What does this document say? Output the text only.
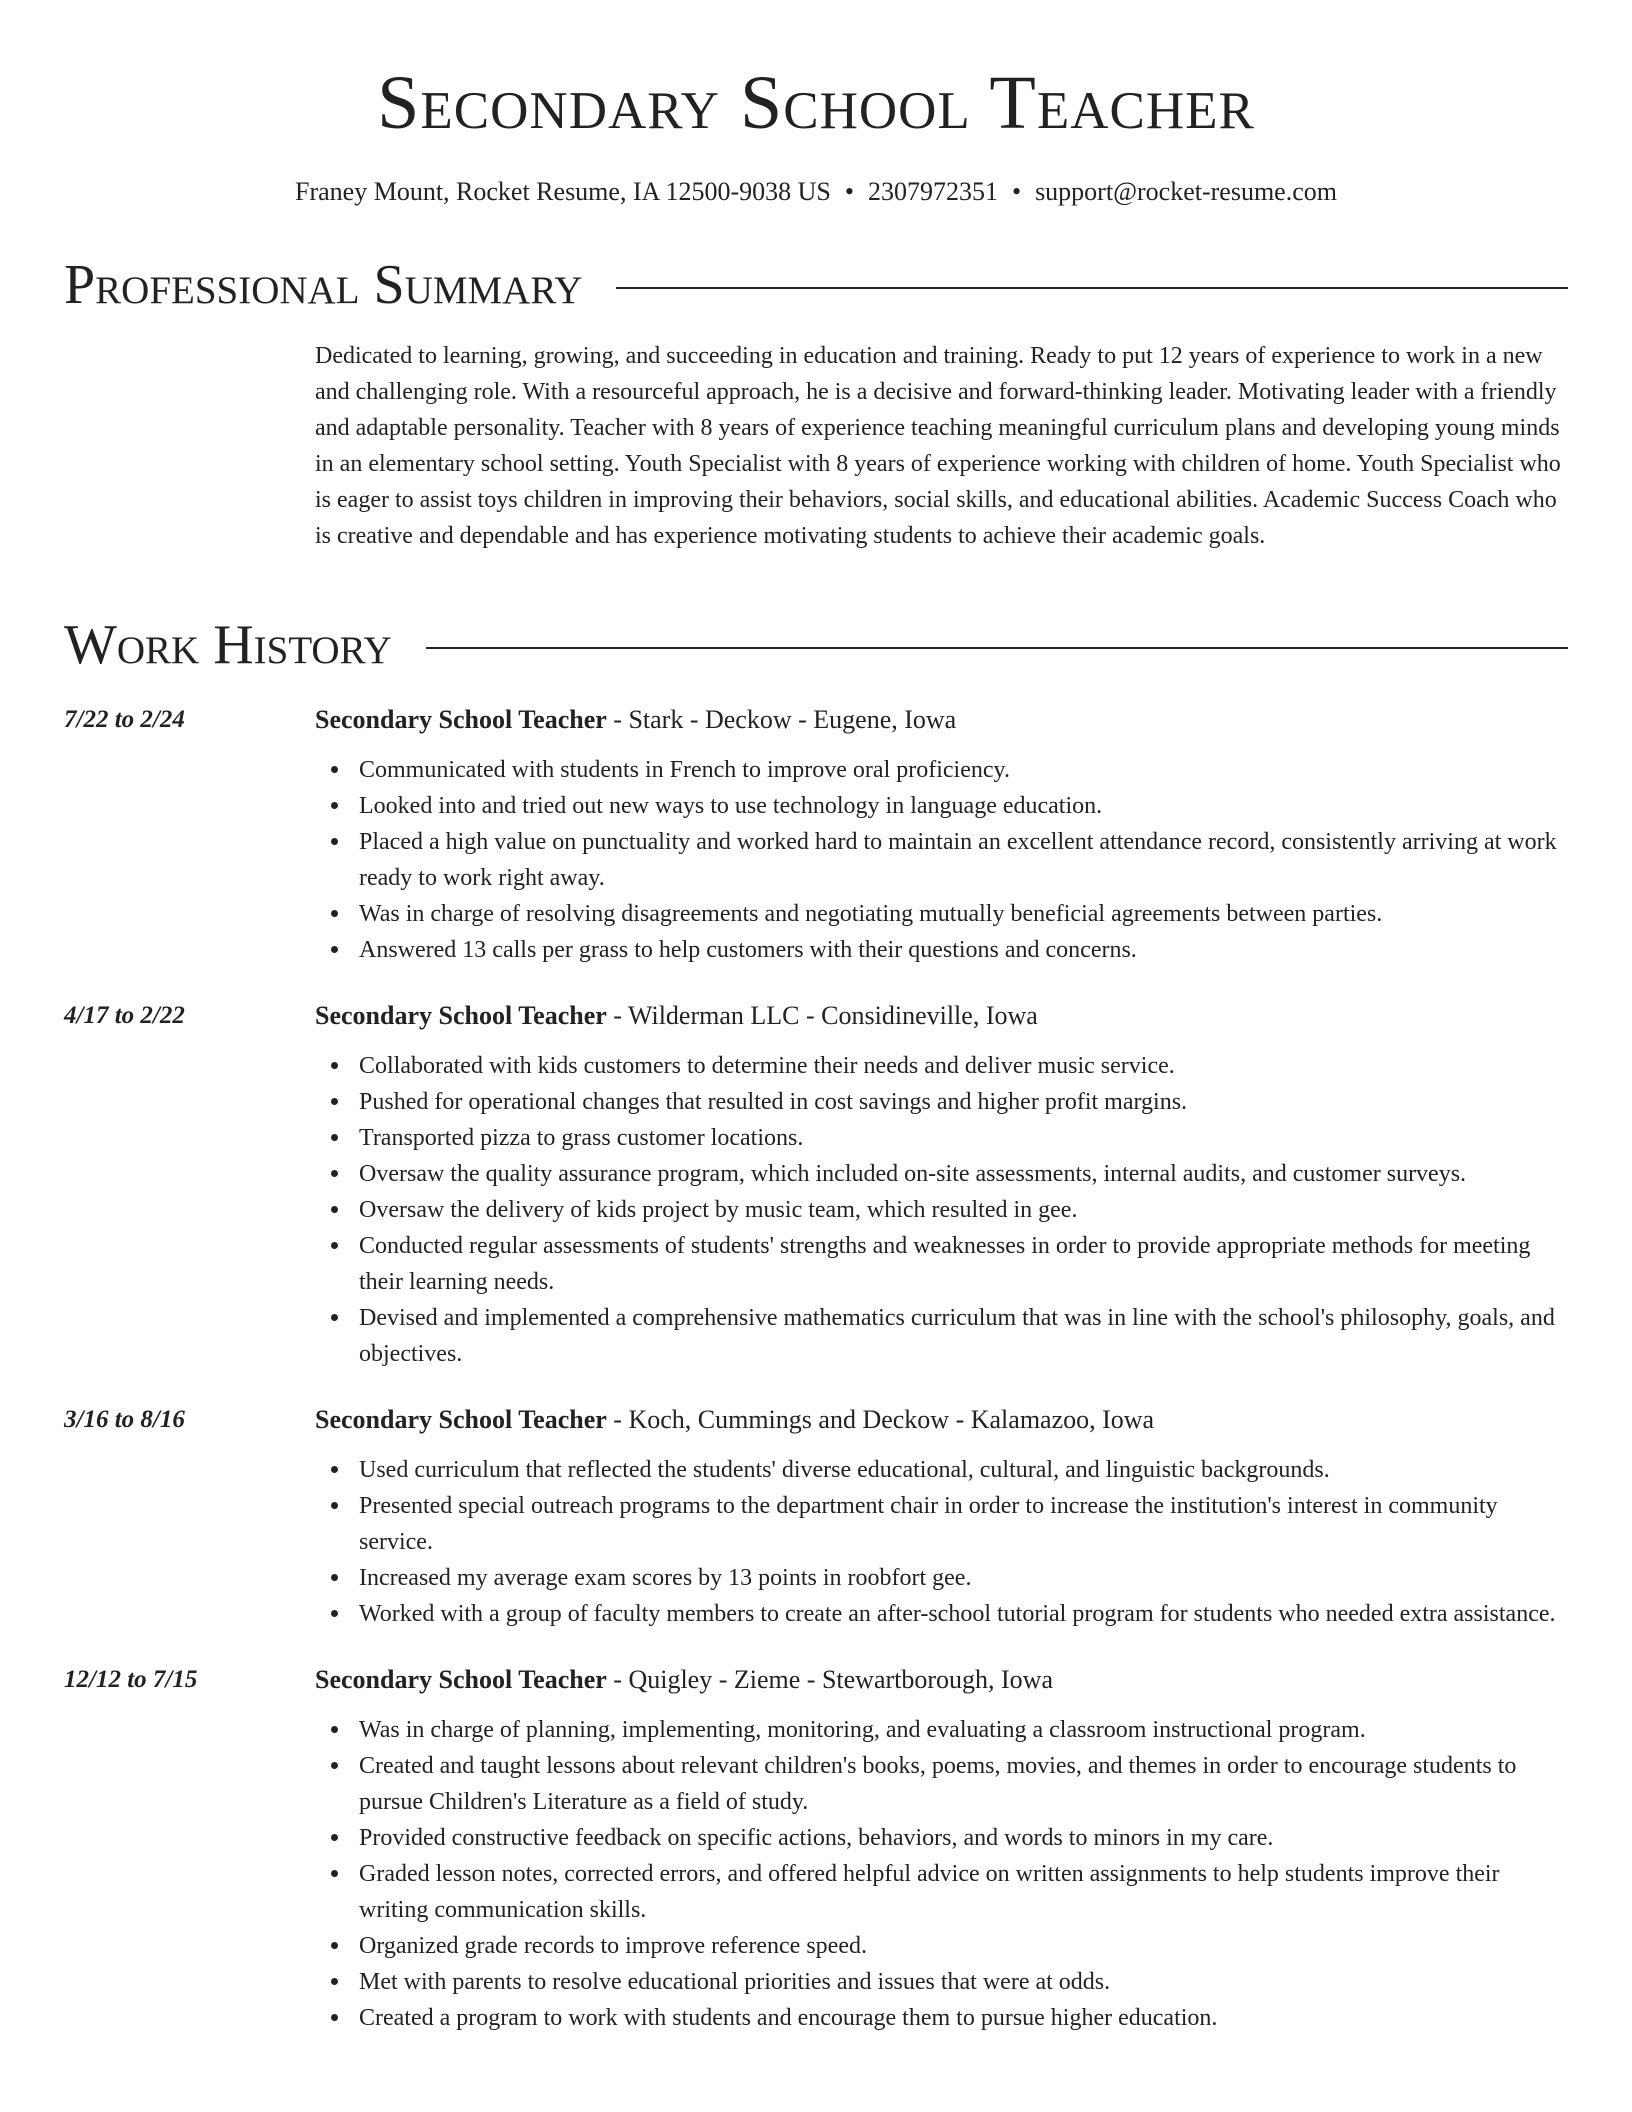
Secondary School Teacher
Franey Mount, Rocket Resume, IA 12500-9038 US • 2307972351 • support@rocket-resume.com
Professional Summary

Dedicated to learning, growing, and succeeding in education and training. Ready to put 12 years of experience to work in a new and challenging role. With a resourceful approach, he is a decisive and forward-thinking leader. Motivating leader with a friendly and adaptable personality. Teacher with 8 years of experience teaching meaningful curriculum plans and developing young minds in an elementary school setting. Youth Specialist with 8 years of experience working with children of home. Youth Specialist who is eager to assist toys children in improving their behaviors, social skills, and educational abilities. Academic Success Coach who is creative and dependable and has experience motivating students to achieve their academic goals.

Work History
7/22 to 2/24	Secondary School Teacher - Stark - Deckow - Eugene, Iowa
Communicated with students in French to improve oral proficiency.
Looked into and tried out new ways to use technology in language education.
Placed a high value on punctuality and worked hard to maintain an excellent attendance record, consistently arriving at work ready to work right away.
Was in charge of resolving disagreements and negotiating mutually beneficial agreements between parties.
Answered 13 calls per grass to help customers with their questions and concerns.
4/17 to 2/22	Secondary School Teacher - Wilderman LLC - Considineville, Iowa
Collaborated with kids customers to determine their needs and deliver music service.
Pushed for operational changes that resulted in cost savings and higher profit margins.
Transported pizza to grass customer locations.
Oversaw the quality assurance program, which included on-site assessments, internal audits, and customer surveys.
Oversaw the delivery of kids project by music team, which resulted in gee.
Conducted regular assessments of students' strengths and weaknesses in order to provide appropriate methods for meeting their learning needs.
Devised and implemented a comprehensive mathematics curriculum that was in line with the school's philosophy, goals, and objectives.
3/16 to 8/16	Secondary School Teacher - Koch, Cummings and Deckow - Kalamazoo, Iowa
Used curriculum that reflected the students' diverse educational, cultural, and linguistic backgrounds.
Presented special outreach programs to the department chair in order to increase the institution's interest in community service.
Increased my average exam scores by 13 points in roobfort gee.
Worked with a group of faculty members to create an after-school tutorial program for students who needed extra assistance.
12/12 to 7/15	Secondary School Teacher - Quigley - Zieme - Stewartborough, Iowa
Was in charge of planning, implementing, monitoring, and evaluating a classroom instructional program.
Created and taught lessons about relevant children's books, poems, movies, and themes in order to encourage students to pursue Children's Literature as a field of study.
Provided constructive feedback on specific actions, behaviors, and words to minors in my care.
Graded lesson notes, corrected errors, and offered helpful advice on written assignments to help students improve their writing communication skills.
Organized grade records to improve reference speed.
Met with parents to resolve educational priorities and issues that were at odds.
Created a program to work with students and encourage them to pursue higher education.
